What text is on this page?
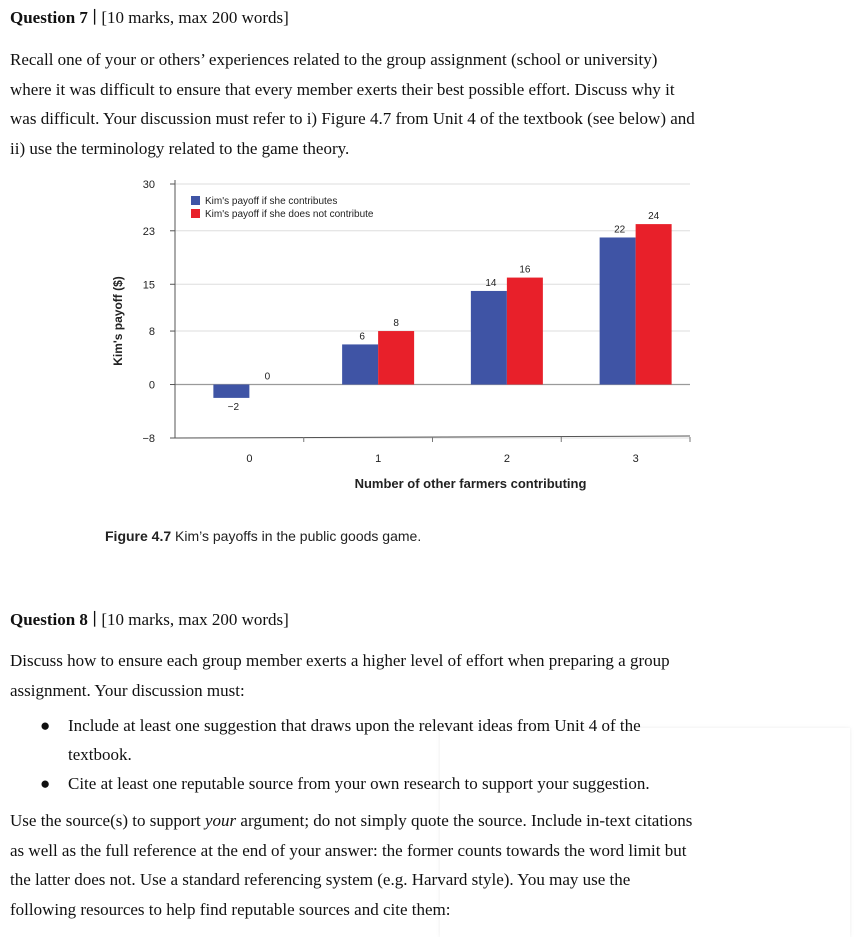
Question 7 ∣ [10 marks, max 200 words]
Recall one of your or others’ experiences related to the group assignment (school or university)
where it was difficult to ensure that every member exerts their best possible effort. Discuss why it
was difficult. Your discussion must refer to i) Figure 4.7 from Unit 4 of the textbook (see below) and
ii) use the terminology related to the game theory.
30
23
15
8
0
−8
Kim's payoff ($)
−2
0
0
6
8
1
14
16
2
22
24
3
Number of other farmers contributing
Kim's payoff if she contributes
Kim's payoff if she does not contribute
Figure 4.7 Kim’s payoffs in the public goods game.
Question 8 ∣ [10 marks, max 200 words]
Discuss how to ensure each group member exerts a higher level of effort when preparing a group
assignment. Your discussion must:
● Include at least one suggestion that draws upon the relevant ideas from Unit 4 of the
textbook.
● Cite at least one reputable source from your own research to support your suggestion.
Use the source(s) to support your argument; do not simply quote the source. Include in-text citations
as well as the full reference at the end of your answer: the former counts towards the word limit but
the latter does not. Use a standard referencing system (e.g. Harvard style). You may use the
following resources to help find reputable sources and cite them:
